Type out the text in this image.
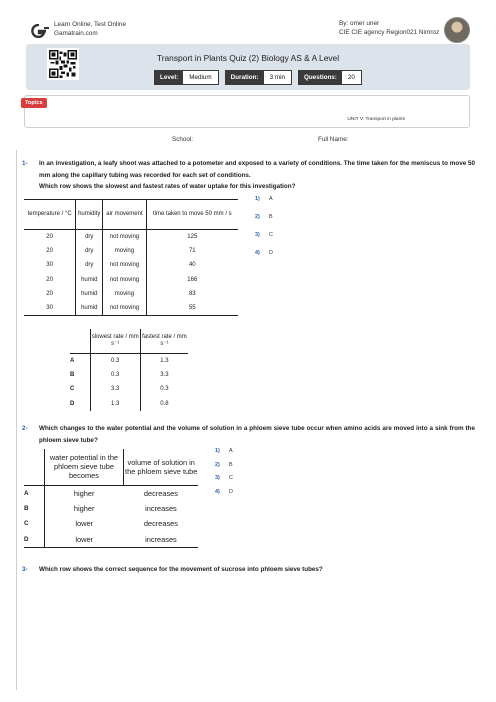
Learn Online, Test Online
Gamatrain.com
By: omer uner
CIE CIE agency Region021 Nimroz
Transport in Plants Quiz (2) Biology AS & A Level
Level:	Medium	Duration:	3 min	Questions:	20
Topics
UNIT V: Transport in plants
School:	Full Name:
1- In an investigation, a leafy shoot was attached to a potometer and exposed to a variety of conditions. The time taken for the meniscus to move 50 mm along the capillary tubing was recorded for each set of conditions.
Which row shows the slowest and fastest rates of water uptake for this investigation?
temperature / °C	humidity	air movement	time taken to move 50 mm / s
20	dry	not moving	125
20	dry	moving	71
30	dry	not moving	40
20	humid	not moving	166
20	humid	moving	83
30	humid	not moving	55
1) A
2) B
3) C
4) D
	slowest rate / mm s⁻¹	fastest rate / mm s⁻¹
A	0.3	1.3
B	0.3	3.3
C	3.3	0.3
D	1.3	0.8
2- Which changes to the water potential and the volume of solution in a phloem sieve tube occur when amino acids are moved into a sink from the phloem sieve tube?
	water potential in the phloem sieve tube becomes	volume of solution in the phloem sieve tube
A	higher	decreases
B	higher	increases
C	lower	decreases
D	lower	increases
1) A
2) B
3) C
4) D
3- Which row shows the correct sequence for the movement of sucrose into phloem sieve tubes?
